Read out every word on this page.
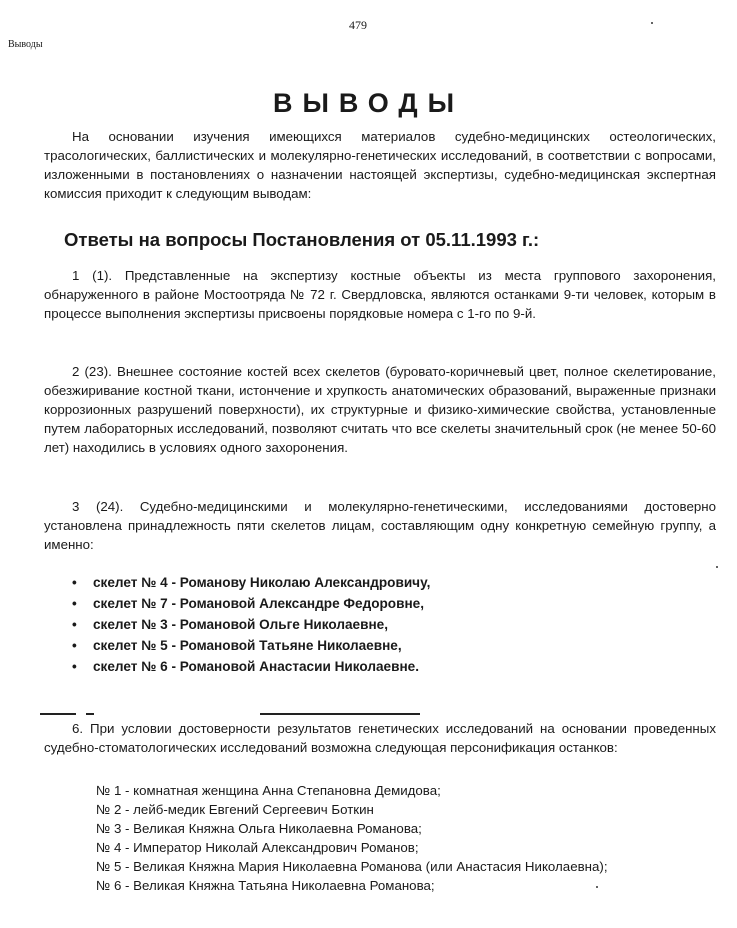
479
Выводы
ВЫВОДЫ

На основании изучения имеющихся материалов судебно-медицинских остеологических, трасологических, баллистических и молекулярно-генетических исследований, в соответствии с вопросами, изложенными в постановлениях о назначении настоящей экспертизы, судебно-медицинская экспертная комиссия приходит к следующим выводам:

Ответы на вопросы Постановления от 05.11.1993 г.:

1 (1). Представленные на экспертизу костные объекты из места группового захоронения, обнаруженного в районе Мостоотряда № 72 г. Свердловска, являются останками 9-ти человек, которым в процессе выполнения экспертизы присвоены порядковые номера с 1-го по 9-й.

2 (23). Внешнее состояние костей всех скелетов (буровато-коричневый цвет, полное скелетирование, обезжиривание костной ткани, истончение и хрупкость анатомических образований, выраженные признаки коррозионных разрушений поверхности), их структурные и физико-химические свойства, установленные путем лабораторных исследований, позволяют считать что все скелеты значительный срок (не менее 50-60 лет) находились в условиях одного захоронения.

3 (24). Судебно-медицинскими и молекулярно-генетическими, исследованиями достоверно установлена принадлежность пяти скелетов лицам, составляющим одну конкретную семейную группу, а именно:

• скелет № 4 - Романову Николаю Александровичу,
• скелет № 7 - Романовой Александре Федоровне,
• скелет № 3 - Романовой Ольге Николаевне,
• скелет № 5 - Романовой Татьяне Николаевне,
• скелет № 6 - Романовой Анастасии Николаевне.

6. При условии достоверности результатов генетических исследований на основании проведенных судебно-стоматологических исследований возможна следующая персонификация останков:

№ 1 - комнатная женщина Анна Степановна Демидова;
№ 2 - лейб-медик Евгений Сергеевич Боткин
№ 3 - Великая Княжна Ольга Николаевна Романова;
№ 4 - Император Николай Александрович Романов;
№ 5 - Великая Княжна Мария Николаевна Романова (или Анастасия Николаевна);
№ 6 - Великая Княжна Татьяна Николаевна Романова;
